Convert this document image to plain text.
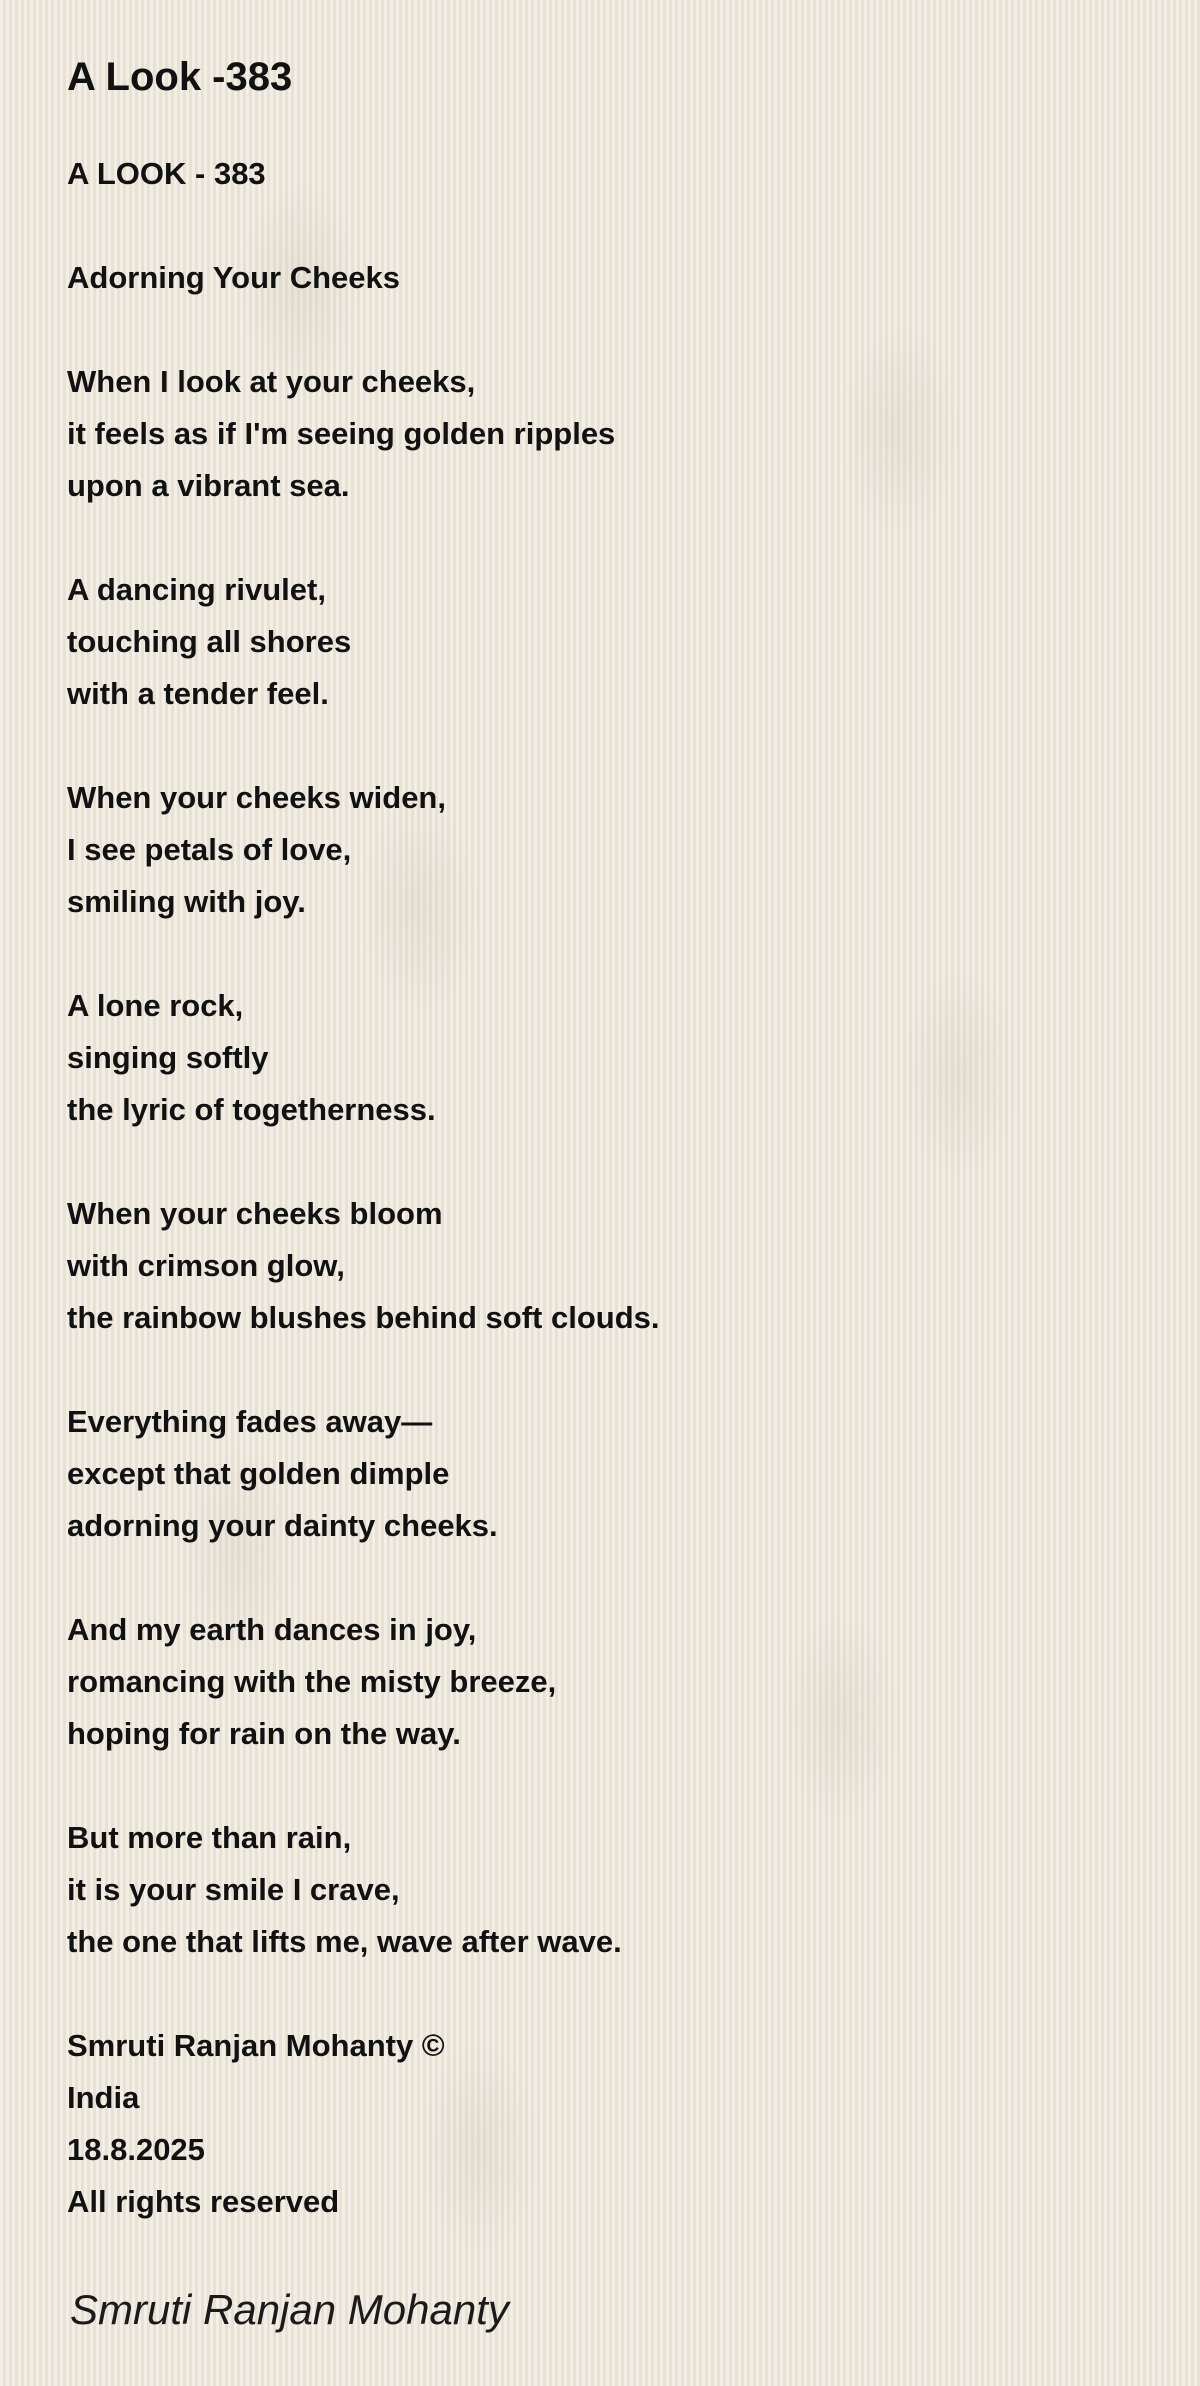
A Look -383
A LOOK - 383
Adorning Your Cheeks
When I look at your cheeks,
it feels as if I'm seeing golden ripples
upon a vibrant sea.
A dancing rivulet,
touching all shores
with a tender feel.
When your cheeks widen,
I see petals of love,
smiling with joy.
A lone rock,
singing softly
the lyric of togetherness.
When your cheeks bloom
with crimson glow,
the rainbow blushes behind soft clouds.
Everything fades away—
except that golden dimple
adorning your dainty cheeks.
And my earth dances in joy,
romancing with the misty breeze,
hoping for rain on the way.
But more than rain,
it is your smile I crave,
the one that lifts me, wave after wave.
Smruti Ranjan Mohanty ©
India
18.8.2025
All rights reserved
Smruti Ranjan Mohanty
